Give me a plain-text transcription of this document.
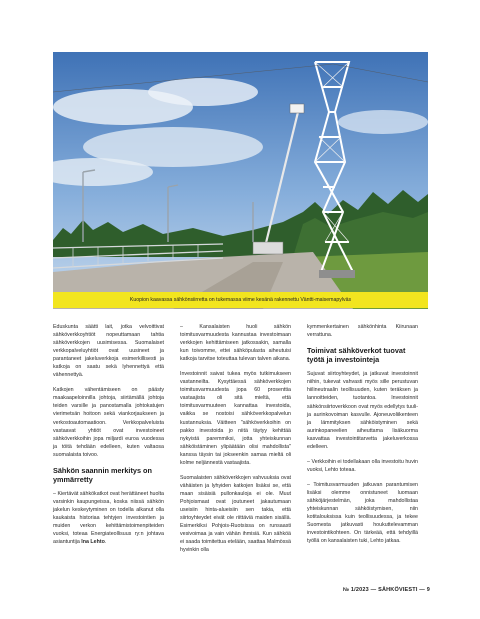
Kuopion kaavassa sähkönsiirretta on tukemassa viime kesänä rakennettu Väntti-maisemapylväs

Eduskunta säätti lait, jotka velvoittivat sähköverkkoyhtiöt nopeuttamaan tahtia sähköverkkojen uusimisessa. Suomalaiset verkkopalveluyhtiöt ovat uusineet ja parantaneet jakeluverkkoja esimerkillisesti ja katkoja on saatu sekä lyhennettyä että vähennettyä.

Katkojen vähentämiseen on päästy maakaapeloinnilla johtoja, siirtämällä johtoja teiden varsille ja panostamalla johtokatujen vierimetsän hoitoon sekä viankorjaukseen ja verkostoautomaatioon. Verkkopalveluista vastaavat yhtiöt ovat investoineet sähköverkkoihin jopa miljardi euroa vuodessa ja töitä tehdään edelleen, kuten valtaosa suomalaista toivoo.

Sähkön saannin merkitys on ymmärretty

– Kiertävät sähkökatkot ovat herättäneet huolta varsinkin kaupungeissa, koska niissä sähkön jakelun keskeytyminen on todella alkanut olla kaukaista historiaa tehtyjen investointien ja muiden verkon kehittämistoimenpiteiden vuoksi, toteaa Energiateollisuus ry:n johtava asiantuntija Ina Lehto.

– Kansalaisten huoli sähkön toimitusvarmuudesta kannustaa investoimaan verkkojen kehittämiseen jatkossakin, samalla kun toivomme, ettei sähköpulasta aiheutuisi katkoja tarvitse toteuttaa tulevan talven aikana.

Investoinnit saivat tukea myös tutkimukseen vastanneilta. Kysyttäessä sähköverkkojen toimitusvarmuudesta jopa 60 prosenttia vastaajista oli sitä mieltä, että toimitusvarmuuteen kannattaa investoida, vaikka se nostoisi sähköverkkopalvelun kustannuksia. Väitteen "sähköverkkoihin on pakko investoida jo niitä täytyy kehittää nykyistä paremmiksi, jotta yhteiskunnan sähköistäminen ylipäätään olisi mahdollista" kanssa täysin tai jokseenkin samaa mieltä oli kolme neljännestä vastaajista.

Suomalaisten sähköverkkojen vahvuuksia ovat vähäisten ja lyhyiden katkojen lisäksi se, että maan sisäisiä pullonkauloja ei ole. Muut Pohjoismaat ovat joutuneet jakautumaan useisiin hinta-alueisiin sen takia, että siirtoyhteydet eivät ole riittäviä maiden sisällä. Esimerkiksi Pohjois-Ruotsissa on runsaasti vesivoimaa ja vain vähän ihmisiä. Kun sähköä ei saada toimitettua etelään, saattaa Malmössä hyvinkin olla

kymmenkertainen sähkönhinta Kiirunaan verrattuna.

Toimivat sähköverkot tuovat työtä ja investointeja

Sujuvat siirtoyhteydet, ja jatkuvat investoinnit niihin, tukevat vahvasti myös sille perustuvan hiilineutraalin teollisuuden, kuten teräksen ja lannoitteiden, tuotantoa. Investoinnit sähkönsiirtoverkkoon ovat myös edellytys tuuli- ja aurinkovoiman kasvulle. Ajoneuvoliikenteen ja lämmityksen sähköistyminen sekä aurinkopaneelien aiheuttama lisäkuorma kasvattaa investointitarvetta jakeluverkossa edelleen.

– Verkkoihin ei todellakaan olla investoitu huvin vuoksi, Lehto toteaa.

– Toimitusvarmuuden jatkuvan parantumisen lisäksi olemme onnistuneet luomaan sähköjärjestelmän, joka mahdollistaa yhteiskunnan sähköistymisen, niin kotitalouksissa kuin teollisuudessa, ja tekee Suomesta jatkuvasti houkuttelevamman investointikohteen. On tärkeää, että tehdyillä työllä on kansalaisten tuki, Lehto jatkaa.

№ 1/2023 — SÄHKÖVIESTI — 9
